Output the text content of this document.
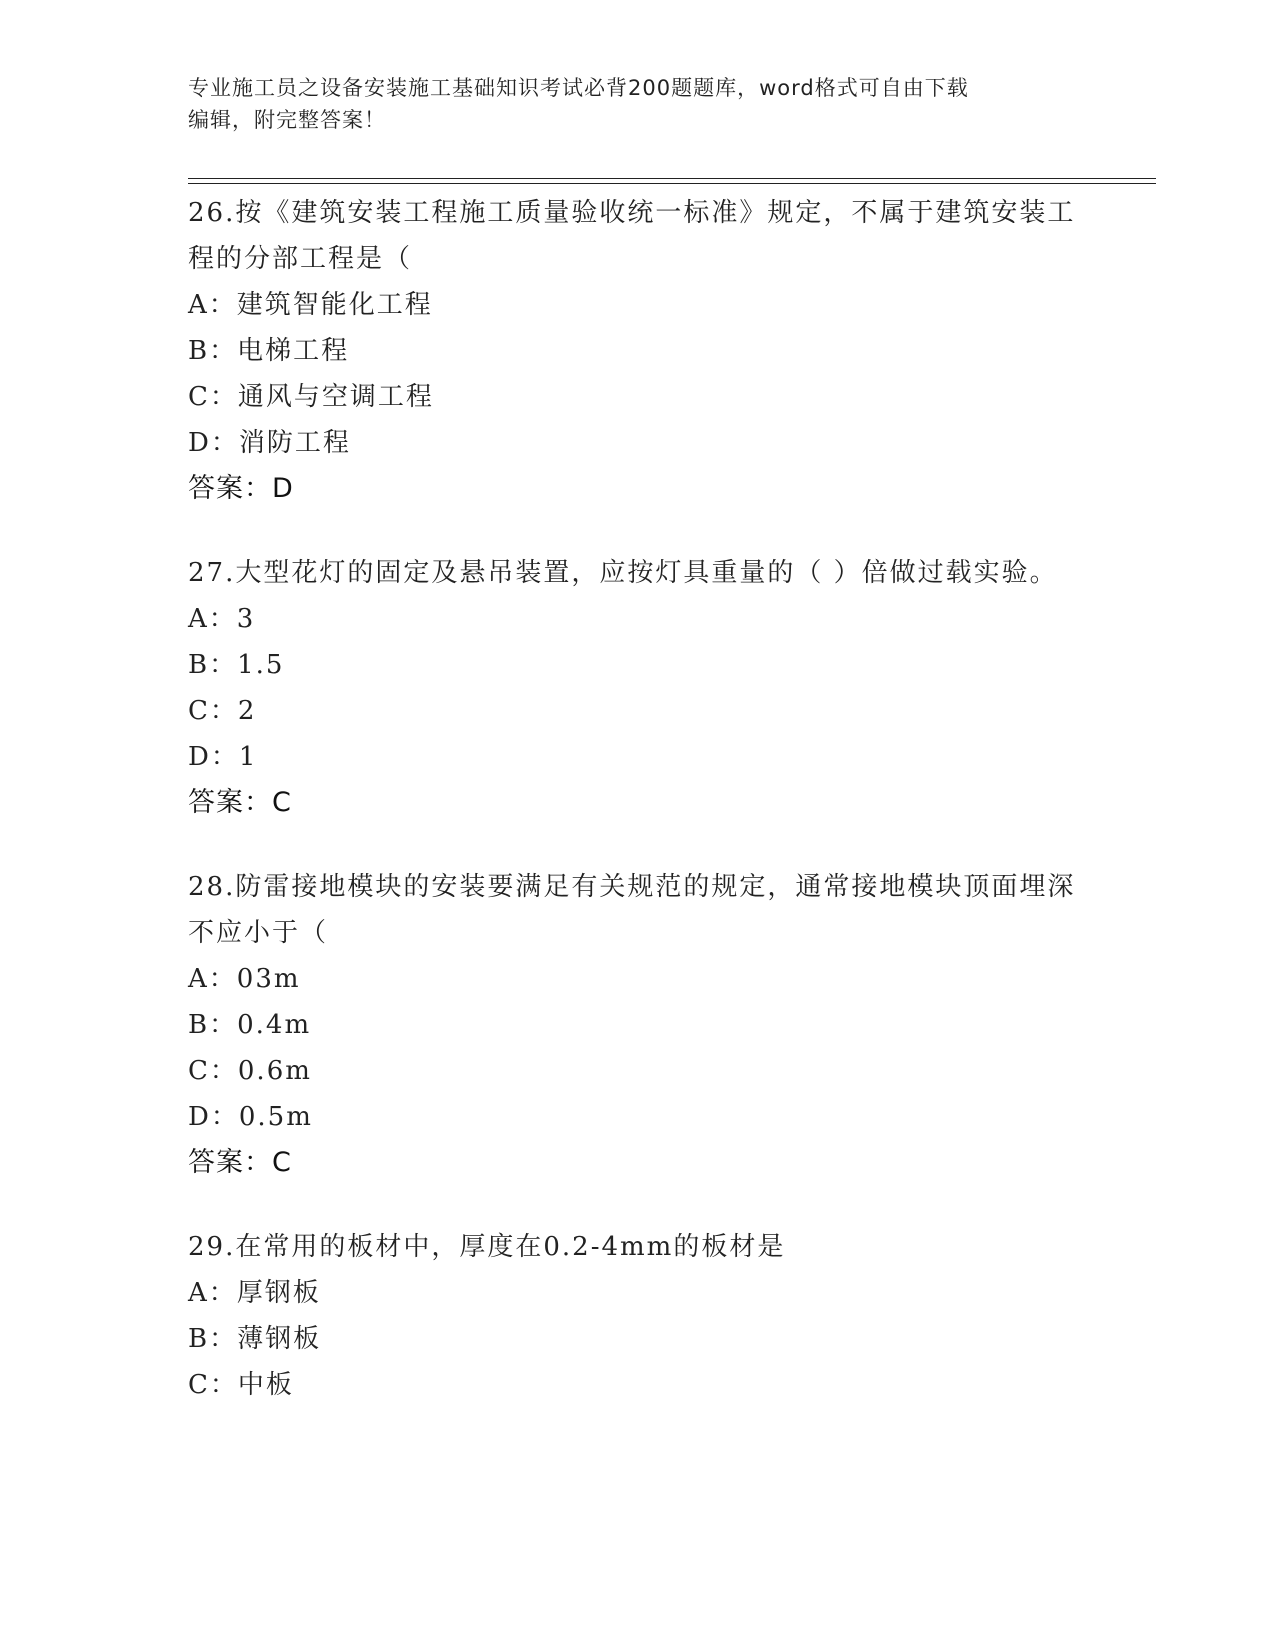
专业施工员之设备安装施工基础知识考试必背200题题库，word格式可自由下载
编辑，附完整答案！
26.按《建筑安装工程施工质量验收统一标准》规定，不属于建筑安装工程的分部工程是（
A：建筑智能化工程
B：电梯工程
C：通风与空调工程
D：消防工程
答案：D
27.大型花灯的固定及悬吊装置，应按灯具重量的（ ）倍做过载实验。
A：3
B：1.5
C：2
D：1
答案：C
28.防雷接地模块的安装要满足有关规范的规定，通常接地模块顶面埋深不应小于（
A：03m
B：0.4m
C：0.6m
D：0.5m
答案：C
29.在常用的板材中，厚度在0.2-4mm的板材是
A：厚钢板
B：薄钢板
C：中板
